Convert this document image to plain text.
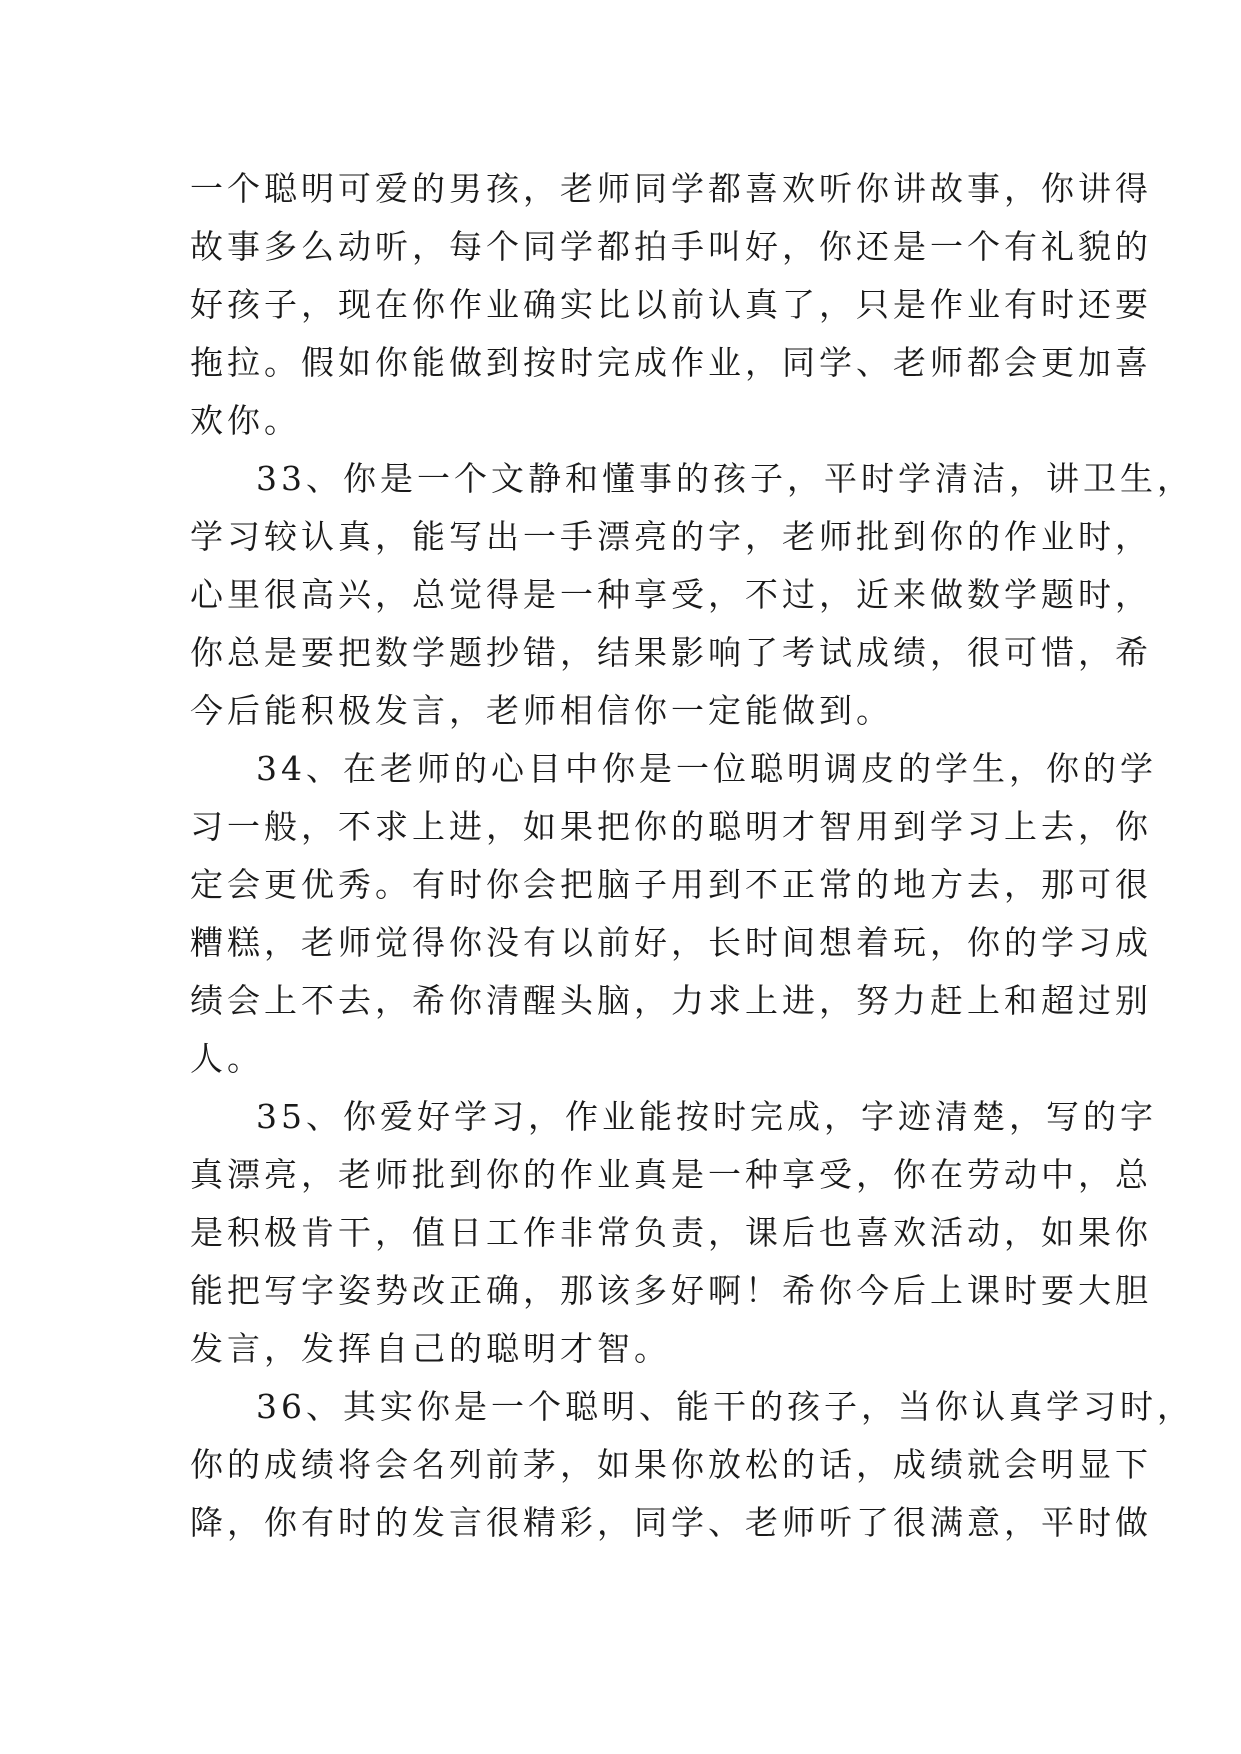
一个聪明可爱的男孩，老师同学都喜欢听你讲故事，你讲得
故事多么动听，每个同学都拍手叫好，你还是一个有礼貌的
好孩子，现在你作业确实比以前认真了，只是作业有时还要
拖拉。假如你能做到按时完成作业，同学、老师都会更加喜
欢你。
33、你是一个文静和懂事的孩子，平时学清洁，讲卫生，
学习较认真，能写出一手漂亮的字，老师批到你的作业时，
心里很高兴，总觉得是一种享受，不过，近来做数学题时，
你总是要把数学题抄错，结果影响了考试成绩，很可惜，希
今后能积极发言，老师相信你一定能做到。
34、在老师的心目中你是一位聪明调皮的学生，你的学
习一般，不求上进，如果把你的聪明才智用到学习上去，你
定会更优秀。有时你会把脑子用到不正常的地方去，那可很
糟糕，老师觉得你没有以前好，长时间想着玩，你的学习成
绩会上不去，希你清醒头脑，力求上进，努力赶上和超过别
人。
35、你爱好学习，作业能按时完成，字迹清楚，写的字
真漂亮，老师批到你的作业真是一种享受，你在劳动中，总
是积极肯干，值日工作非常负责，课后也喜欢活动，如果你
能把写字姿势改正确，那该多好啊！希你今后上课时要大胆
发言，发挥自己的聪明才智。
36、其实你是一个聪明、能干的孩子，当你认真学习时，
你的成绩将会名列前茅，如果你放松的话，成绩就会明显下
降，你有时的发言很精彩，同学、老师听了很满意，平时做
